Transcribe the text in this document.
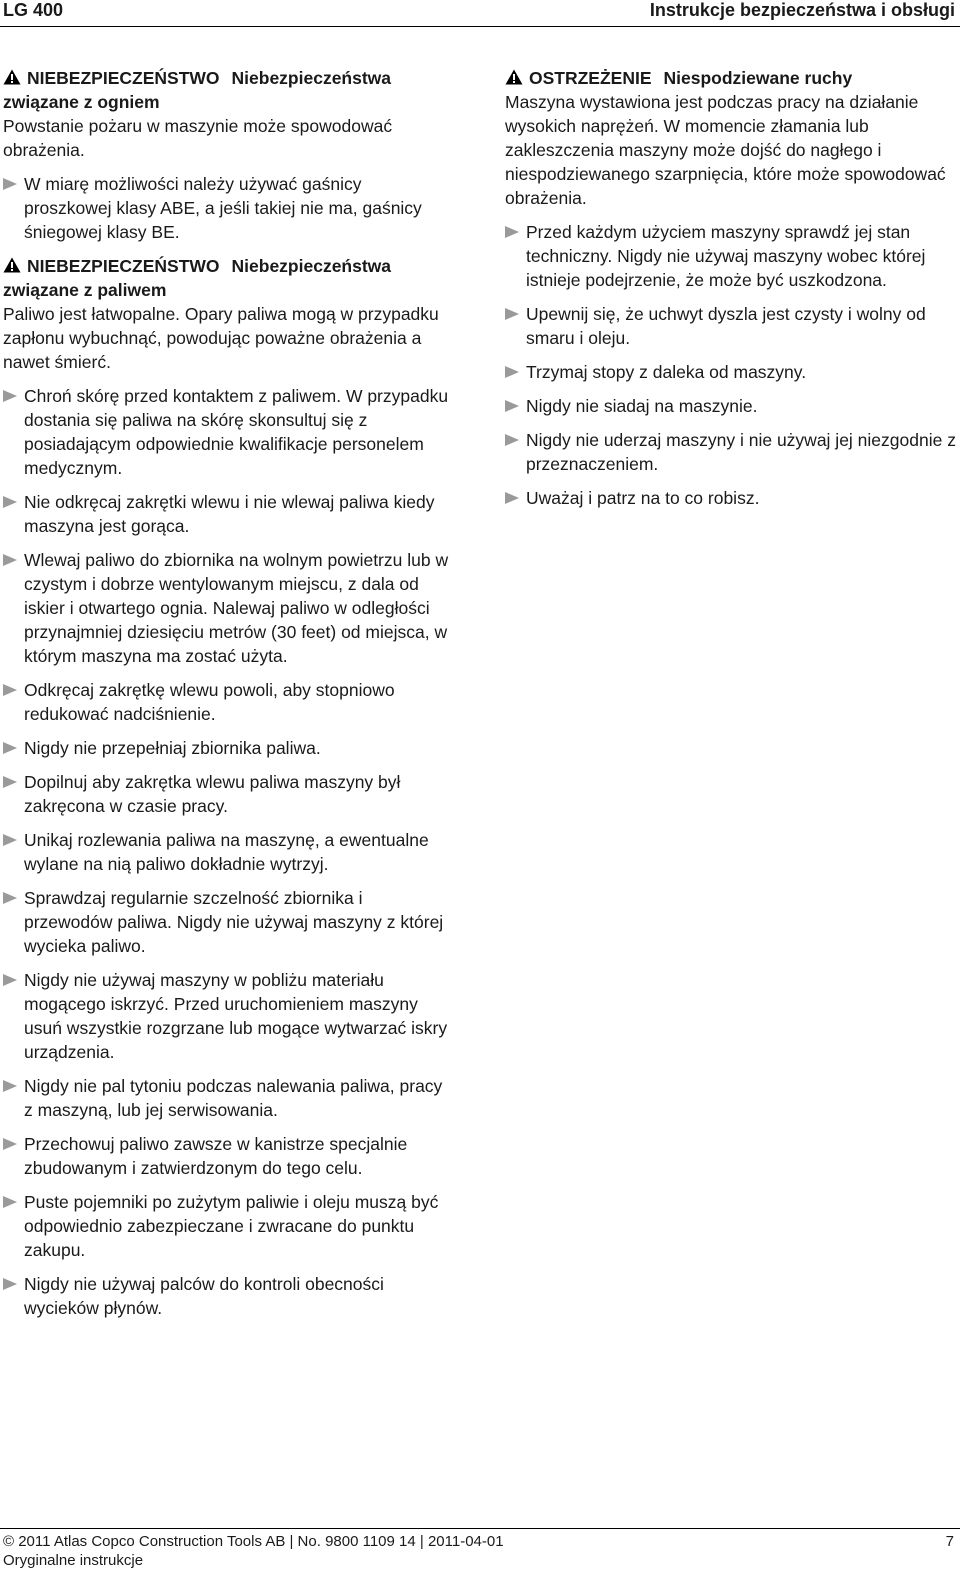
LG 400	Instrukcje bezpieczeństwa i obsługi
NIEBEZPIECZEŃSTWO Niebezpieczeństwa związane z ogniem
Powstanie pożaru w maszynie może spowodować obrażenia.
W miarę możliwości należy używać gaśnicy proszkowej klasy ABE, a jeśli takiej nie ma, gaśnicy śniegowej klasy BE.
NIEBEZPIECZEŃSTWO Niebezpieczeństwa związane z paliwem
Paliwo jest łatwopalne. Opary paliwa mogą w przypadku zapłonu wybuchnąć, powodując poważne obrażenia a nawet śmierć.
Chroń skórę przed kontaktem z paliwem. W przypadku dostania się paliwa na skórę skonsultuj się z posiadającym odpowiednie kwalifikacje personelem medycznym.
Nie odkręcaj zakrętki wlewu i nie wlewaj paliwa kiedy maszyna jest gorąca.
Wlewaj paliwo do zbiornika na wolnym powietrzu lub w czystym i dobrze wentylowanym miejscu, z dala od iskier i otwartego ognia. Nalewaj paliwo w odległości przynajmniej dziesięciu metrów (30 feet) od miejsca, w którym maszyna ma zostać użyta.
Odkręcaj zakrętkę wlewu powoli, aby stopniowo redukować nadciśnienie.
Nigdy nie przepełniaj zbiornika paliwa.
Dopilnuj aby zakrętka wlewu paliwa maszyny był zakręcona w czasie pracy.
Unikaj rozlewania paliwa na maszynę, a ewentualne wylane na nią paliwo dokładnie wytrzyj.
Sprawdzaj regularnie szczelność zbiornika i przewodów paliwa. Nigdy nie używaj maszyny z której wycieka paliwo.
Nigdy nie używaj maszyny w pobliżu materiału mogącego iskrzyć. Przed uruchomieniem maszyny usuń wszystkie rozgrzane lub mogące wytwarzać iskry urządzenia.
Nigdy nie pal tytoniu podczas nalewania paliwa, pracy z maszyną, lub jej serwisowania.
Przechowuj paliwo zawsze w kanistrze specjalnie zbudowanym i zatwierdzonym do tego celu.
Puste pojemniki po zużytym paliwie i oleju muszą być odpowiednio zabezpieczane i zwracane do punktu zakupu.
Nigdy nie używaj palców do kontroli obecności wycieków płynów.
OSTRZEŻENIE Niespodziewane ruchy
Maszyna wystawiona jest podczas pracy na działanie wysokich naprężeń. W momencie złamania lub zakleszczenia maszyny może dojść do nagłego i niespodziewanego szarpnięcia, które może spowodować obrażenia.
Przed każdym użyciem maszyny sprawdź jej stan techniczny. Nigdy nie używaj maszyny wobec której istnieje podejrzenie, że może być uszkodzona.
Upewnij się, że uchwyt dyszla jest czysty i wolny od smaru i oleju.
Trzymaj stopy z daleka od maszyny.
Nigdy nie siadaj na maszynie.
Nigdy nie uderzaj maszyny i nie używaj jej niezgodnie z przeznaczeniem.
Uważaj i patrz na to co robisz.
© 2011 Atlas Copco Construction Tools AB | No. 9800 1109 14 | 2011-04-01
Oryginalne instrukcje
7
